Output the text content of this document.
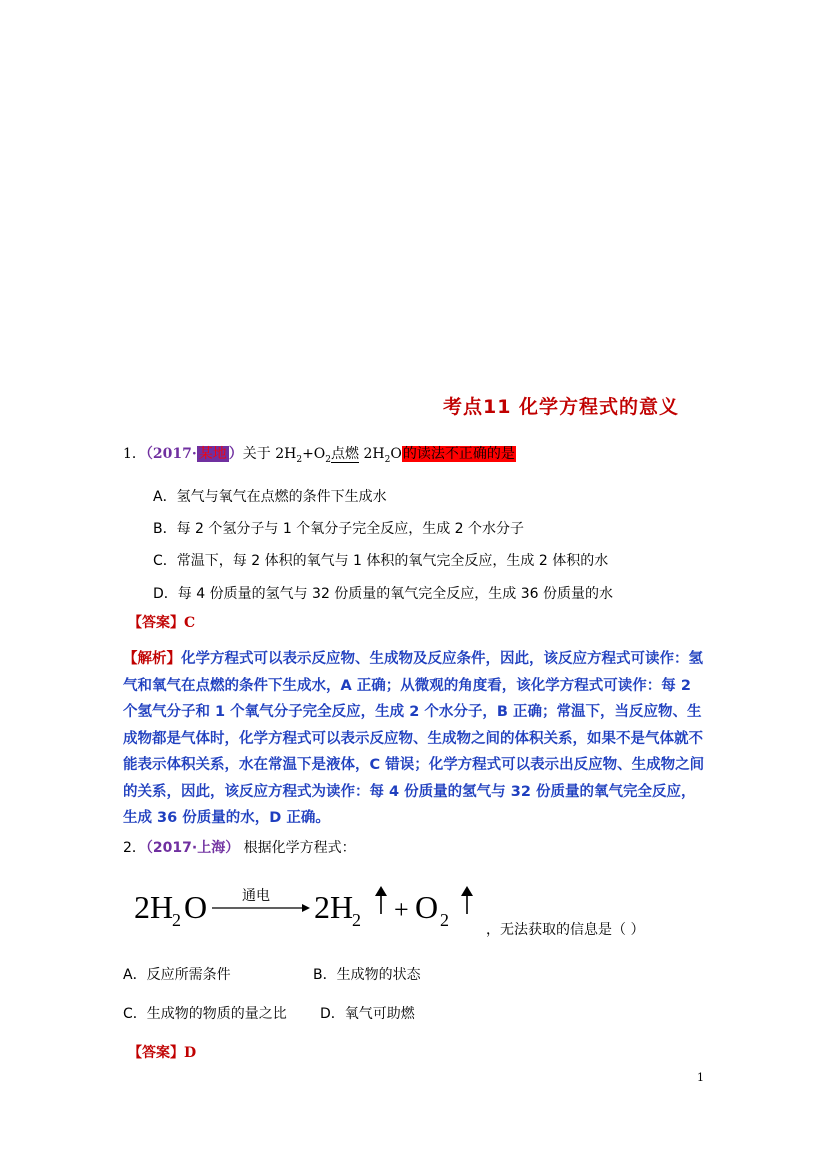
考点11 化学方程式的意义
1．（2017· 某地 ）关于 $2H_2+O_2$点燃 $2H_2O$的读法不正确的是
A．氢气与氧气在点燃的条件下生成水
B．每 2 个氢分子与 1 个氧分子完全反应，生成 2 个水分子
C．常温下，每 2 体积的氧气与 1 体积的氧气完全反应，生成 2 体积的水
D．每 4 份质量的氢气与 32 份质量的氧气完全反应，生成 36 份质量的水
【答案】C
【解析】化学方程式可以表示反应物、生成物及反应条件，因此，该反应方程式可读作：氢气和氧气在点燃的条件下生成水，A 正确；从微观的角度看，该化学方程式可读作：每 2 个氢气分子和 1 个氧气分子完全反应，生成 2 个水分子，B 正确；常温下，当反应物、生成物都是气体时，化学方程式可以表示反应物、生成物之间的体积关系，如果不是气体就不能表示体积关系，水在常温下是液体，C 错误；化学方程式可以表示出反应物、生成物之间的关系，因此，该反应方程式为读作：每 4 份质量的氢气与 32 份质量的氧气完全反应，生成 36 份质量的水，D 正确。
2．（2017·上海） 根据化学方程式：
2H
2 O 通电 2H
2 + O 2	，无法获取的信息是（ ）
A．反应所需条件	B．生成物的状态
C．生成物的物质的量之比 D．氧气可助燃
【答案】D
1
